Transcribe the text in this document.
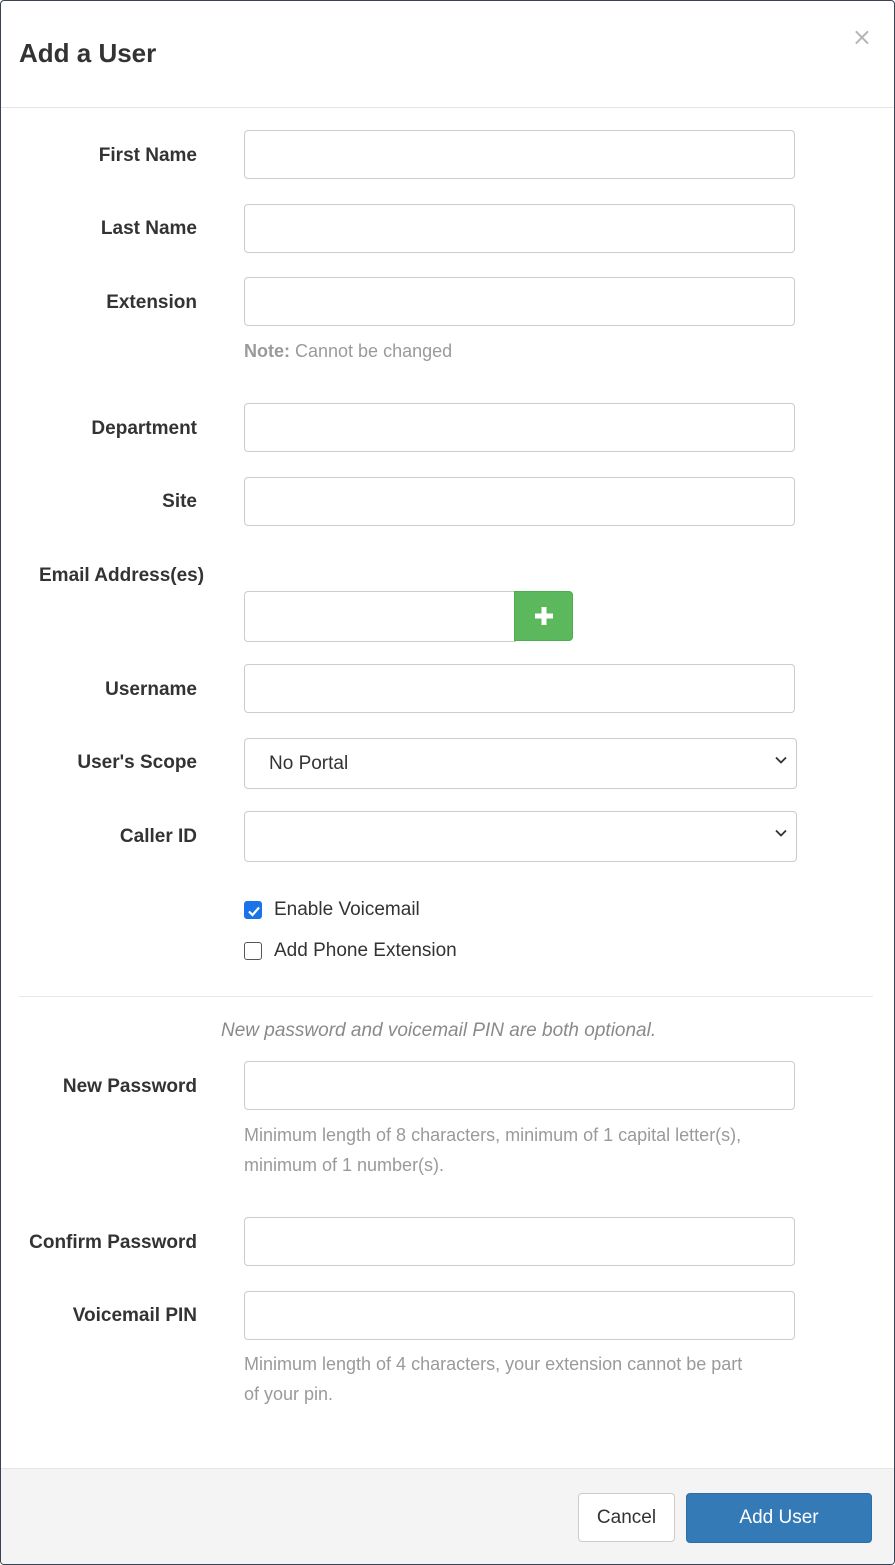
Add a User
×
First Name
Last Name
Extension
Note: Cannot be changed
Department
Site
Email Address(es)
Username
User's Scope	No Portal
Caller ID
Enable Voicemail
Add Phone Extension
New password and voicemail PIN are both optional.
New Password
Minimum length of 8 characters, minimum of 1 capital letter(s),
minimum of 1 number(s).
Confirm Password
Voicemail PIN
Minimum length of 4 characters, your extension cannot be part
of your pin.
Cancel	Add User
